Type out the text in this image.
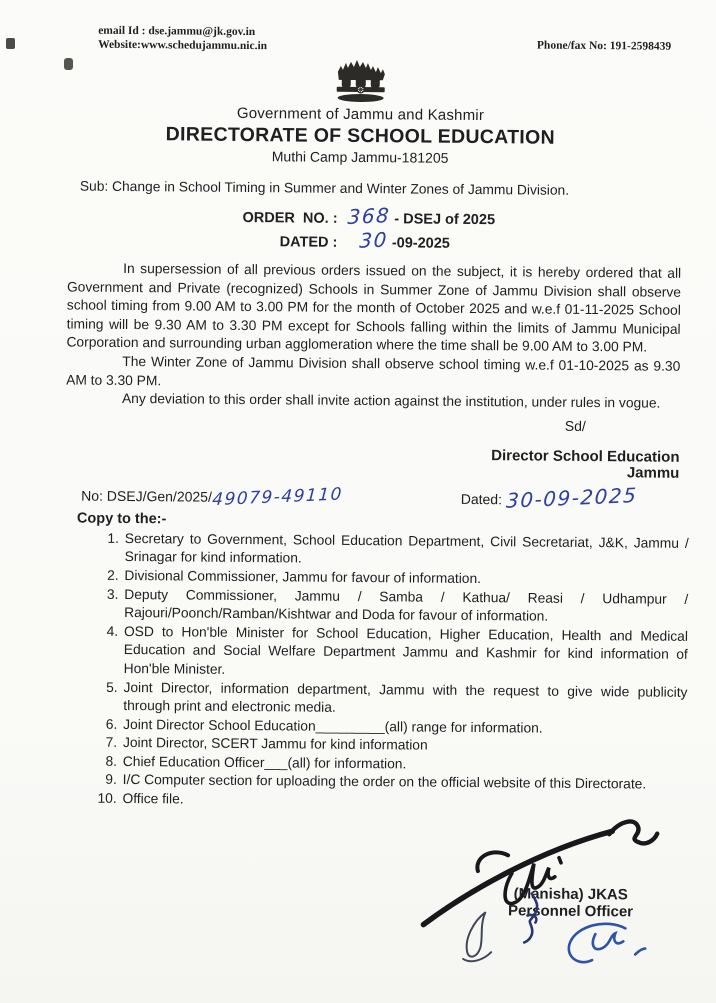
email Id : dse.jammu@jk.gov.in
Website:www.schedujammu.nic.in	Phone/fax No: 191-2598439
Government of Jammu and Kashmir
DIRECTORATE OF SCHOOL EDUCATION
Muthi Camp Jammu-181205
Sub: Change in School Timing in Summer and Winter Zones of Jammu Division.
ORDER  NO. : 368 - DSEJ of 2025
DATED : 30 -09-2025

In supersession of all previous orders issued on the subject, it is hereby ordered that all Government and Private (recognized) Schools in Summer Zone of Jammu Division shall observe school timing from 9.00 AM to 3.00 PM for the month of October 2025 and w.e.f 01-11-2025 School timing will be 9.30 AM to 3.30 PM except for Schools falling within the limits of Jammu Municipal Corporation and surrounding urban agglomeration where the time shall be 9.00 AM to 3.00 PM.

The Winter Zone of Jammu Division shall observe school timing w.e.f 01-10-2025 as 9.30 AM to 3.30 PM.

Any deviation to this order shall invite action against the institution, under rules in vogue.

Sd/
Director School Education
Jammu
No: DSEJ/Gen/2025/49079-49110	Dated: 30-09-2025
Copy to the:-
1. Secretary to Government, School Education Department, Civil Secretariat, J&K, Jammu / Srinagar for kind information.
2. Divisional Commissioner, Jammu for favour of information.
3. Deputy Commissioner, Jammu / Samba / Kathua/ Reasi / Udhampur / Rajouri/Poonch/Ramban/Kishtwar and Doda for favour of information.
4. OSD to Hon'ble Minister for School Education, Higher Education, Health and Medical Education and Social Welfare Department Jammu and Kashmir for kind information of Hon'ble Minister.
5. Joint Director, information department, Jammu with the request to give wide publicity through print and electronic media.
6. Joint Director School Education_________(all) range for information.
7. Joint Director, SCERT Jammu for kind information
8. Chief Education Officer___(all) for information.
9. I/C Computer section for uploading the order on the official website of this Directorate.
10. Office file.
(Manisha) JKAS
Personnel Officer
